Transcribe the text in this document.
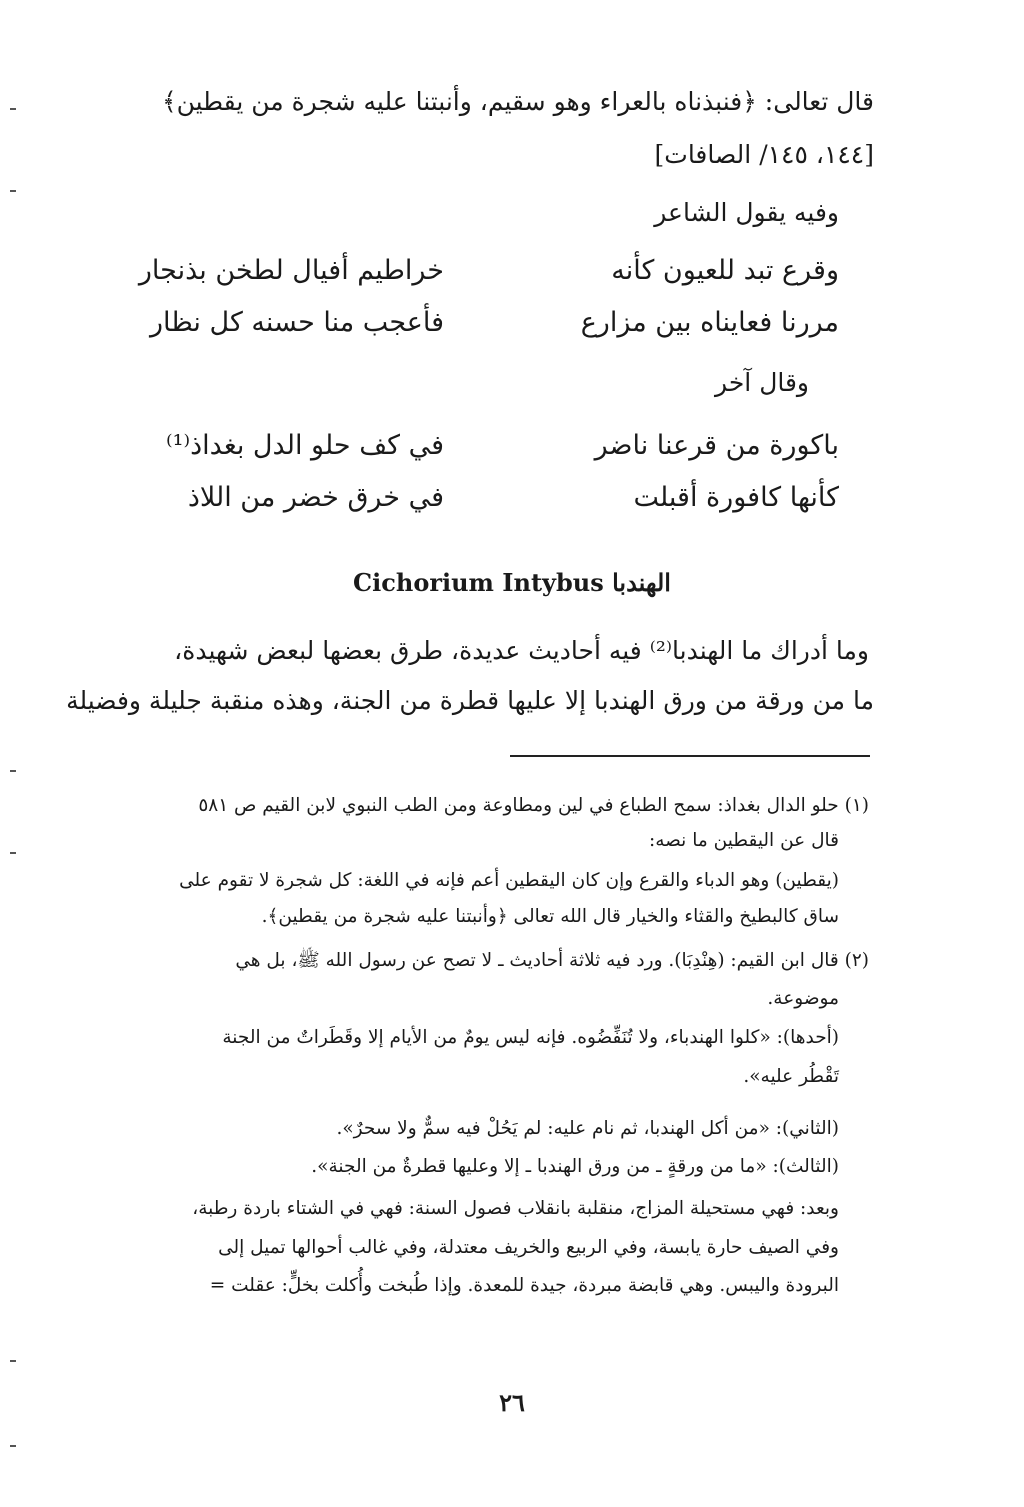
قال تعالى: ﴿فنبذناه بالعراء وهو سقيم، وأنبتنا عليه شجرة من يقطين﴾
[١٤٤، ١٤٥/ الصافات]
وفيه يقول الشاعر
وقرع تبد للعيون كأنه
خراطيم أفيال لطخن بذنجار
مررنا فعايناه بين مزارع
فأعجب منا حسنه كل نظار
وقال آخر
باكورة من قرعنا ناضر
في كف حلو الدل بغداذ⁽¹⁾
كأنها كافورة أقبلت
في خرق خضر من اللاذ
Cichorium Intybus الهندبا
وما أدراك ما الهندبا⁽²⁾ فيه أحاديث عديدة، طرق بعضها لبعض شهيدة،
ما من ورقة من ورق الهندبا إلا عليها قطرة من الجنة، وهذه منقبة جليلة وفضيلة
(١) حلو الدال بغداذ: سمح الطباع في لين ومطاوعة ومن الطب النبوي لابن القيم ص ٥٨١
قال عن اليقطين ما نصه:
(يقطين) وهو الدباء والقرع وإن كان اليقطين أعم فإنه في اللغة: كل شجرة لا تقوم على
ساق كالبطيخ والقثاء والخيار قال الله تعالى ﴿وأنبتنا عليه شجرة من يقطين﴾.
(٢) قال ابن القيم: (هِنْدِبَا). ورد فيه ثلاثة أحاديث ـ لا تصح عن رسول الله ﷺ، بل هي
موضوعة.
(أحدها): «كلوا الهندباء، ولا تُنَفِّضُوه. فإنه ليس يومٌ من الأيام إلا وقَطَراتٌ من الجنة
تَقْطُر عليه».
(الثاني): «من أكل الهندبا، ثم نام عليه: لم يَحُلْ فيه سمٌّ ولا سحرٌ».
(الثالث): «ما من ورقةٍ ـ من ورق الهندبا ـ إلا وعليها قطرةٌ من الجنة».
وبعد: فهي مستحيلة المزاج، منقلبة بانقلاب فصول السنة: فهي في الشتاء باردة رطبة،
وفي الصيف حارة يابسة، وفي الربيع والخريف معتدلة، وفي غالب أحوالها تميل إلى
البرودة واليبس. وهي قابضة مبردة، جيدة للمعدة. وإذا طُبخت وأُكلت بخلٍّ: عقلت =
٢٦
